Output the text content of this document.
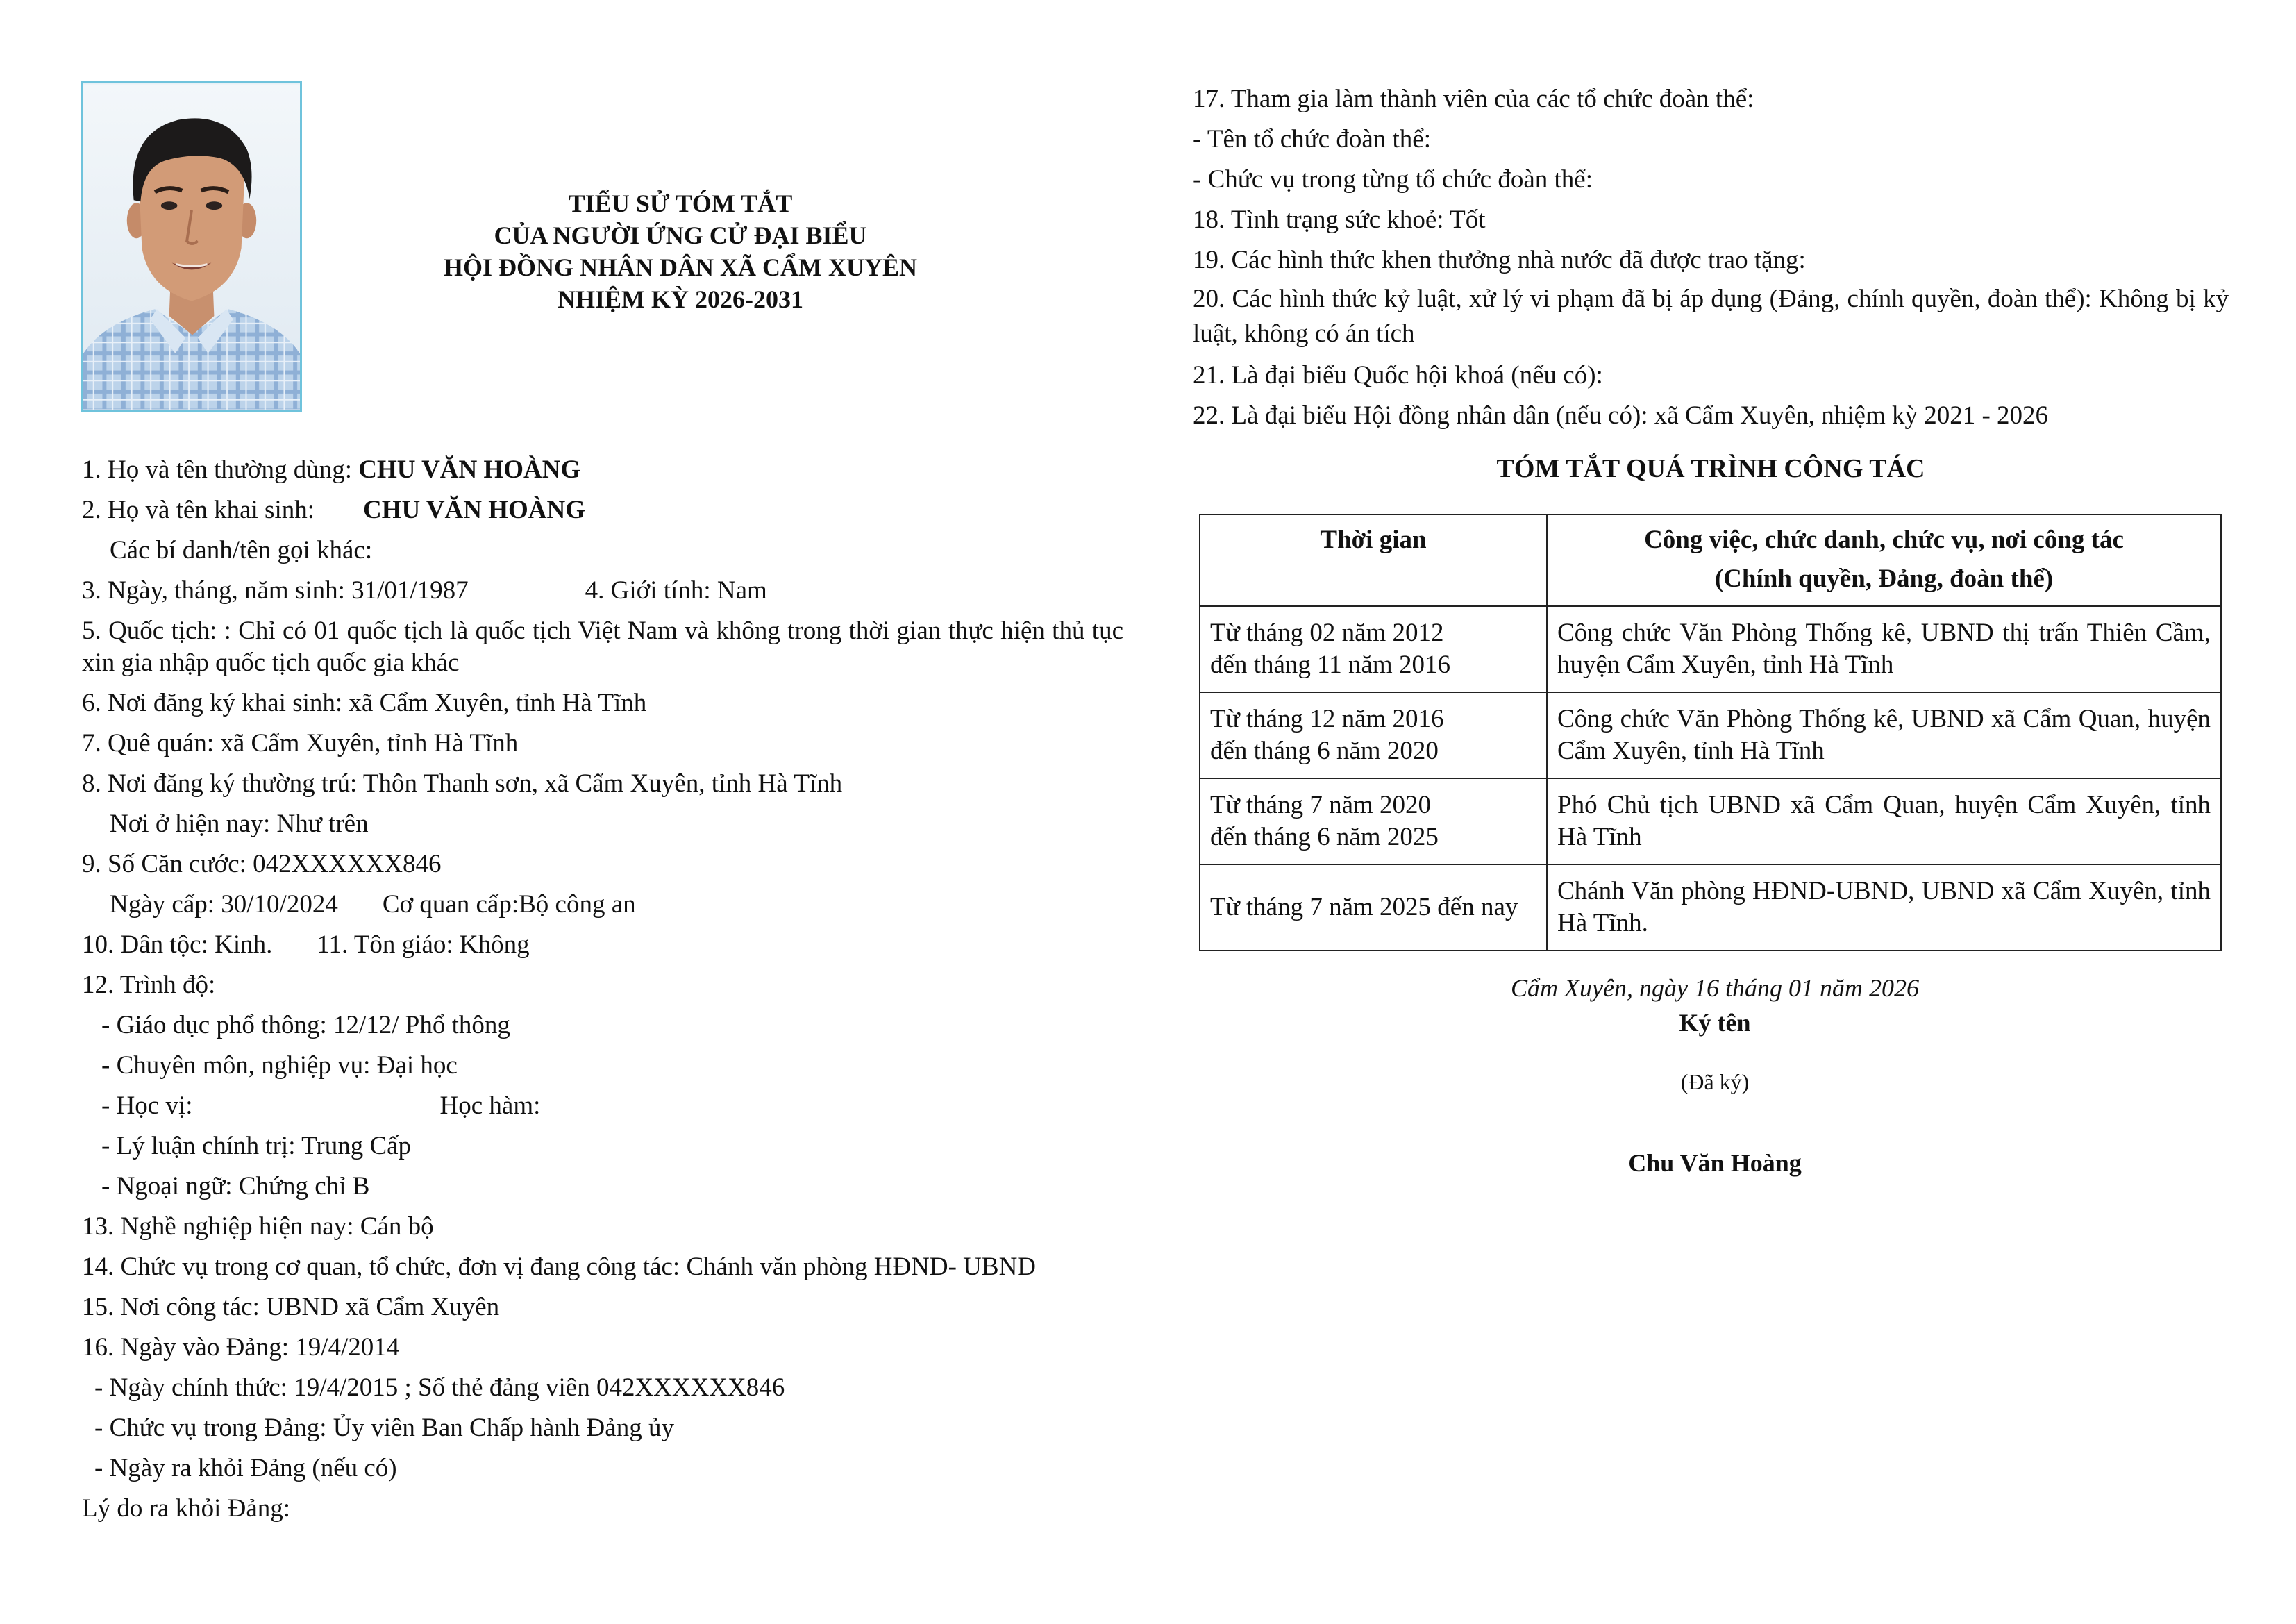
TIỂU SỬ TÓM TẮT
CỦA NGƯỜI ỨNG CỬ ĐẠI BIỂU
HỘI ĐỒNG NHÂN DÂN XÃ CẨM XUYÊN
NHIỆM KỲ 2026-2031
1. Họ và tên thường dùng: CHU VĂN HOÀNG
2. Họ và tên khai sinh: CHU VĂN HOÀNG
Các bí danh/tên gọi khác:
3. Ngày, tháng, năm sinh: 31/01/1987	4. Giới tính: Nam
5. Quốc tịch: : Chỉ có 01 quốc tịch là quốc tịch Việt Nam và không trong thời gian thực hiện thủ tục xin gia nhập quốc tịch quốc gia khác
6. Nơi đăng ký khai sinh: xã Cẩm Xuyên, tỉnh Hà Tĩnh
7. Quê quán: xã Cẩm Xuyên, tỉnh Hà Tĩnh
8. Nơi đăng ký thường trú: Thôn Thanh sơn, xã Cẩm Xuyên, tỉnh Hà Tĩnh
Nơi ở hiện nay: Như trên
9. Số Căn cước: 042XXXXXX846
Ngày cấp: 30/10/2024 Cơ quan cấp:Bộ công an
10. Dân tộc: Kinh. 11. Tôn giáo: Không
12. Trình độ:
- Giáo dục phổ thông: 12/12/ Phổ thông
- Chuyên môn, nghiệp vụ: Đại học
- Học vị:	Học hàm:
- Lý luận chính trị: Trung Cấp
- Ngoại ngữ: Chứng chỉ B
13. Nghề nghiệp hiện nay: Cán bộ
14. Chức vụ trong cơ quan, tổ chức, đơn vị đang công tác: Chánh văn phòng HĐND- UBND
15. Nơi công tác: UBND xã Cẩm Xuyên
16. Ngày vào Đảng: 19/4/2014
- Ngày chính thức: 19/4/2015 ; Số thẻ đảng viên 042XXXXXX846
- Chức vụ trong Đảng: Ủy viên Ban Chấp hành Đảng ủy
- Ngày ra khỏi Đảng (nếu có)
Lý do ra khỏi Đảng:
17. Tham gia làm thành viên của các tổ chức đoàn thể:
- Tên tổ chức đoàn thể:
- Chức vụ trong từng tổ chức đoàn thể:
18. Tình trạng sức khoẻ: Tốt
19. Các hình thức khen thưởng nhà nước đã được trao tặng:
20. Các hình thức kỷ luật, xử lý vi phạm đã bị áp dụng (Đảng, chính quyền, đoàn thể): Không bị kỷ luật, không có án tích
21. Là đại biểu Quốc hội khoá (nếu có):
22. Là đại biểu Hội đồng nhân dân (nếu có): xã Cẩm Xuyên, nhiệm kỳ 2021 - 2026
TÓM TẮT QUÁ TRÌNH CÔNG TÁC
Thời gian	Công việc, chức danh, chức vụ, nơi công tác
(Chính quyền, Đảng, đoàn thể)

Từ tháng 02 năm 2012
đến tháng 11 năm 2016	Công chức Văn Phòng Thống kê, UBND thị trấn Thiên Cầm, huyện Cẩm Xuyên, tỉnh Hà Tĩnh

Từ tháng 12 năm 2016
đến tháng 6 năm 2020	Công chức Văn Phòng Thống kê, UBND xã Cẩm Quan, huyện Cẩm Xuyên, tỉnh Hà Tĩnh

Từ tháng 7 năm 2020
đến tháng 6 năm 2025	Phó Chủ tịch UBND xã Cẩm Quan, huyện Cẩm Xuyên, tỉnh Hà Tĩnh

Từ tháng 7 năm 2025 đến nay	Chánh Văn phòng HĐND-UBND, UBND xã Cẩm Xuyên, tỉnh Hà Tĩnh.
Cẩm Xuyên, ngày 16 tháng 01 năm 2026
Ký tên
(Đã ký)
Chu Văn Hoàng
